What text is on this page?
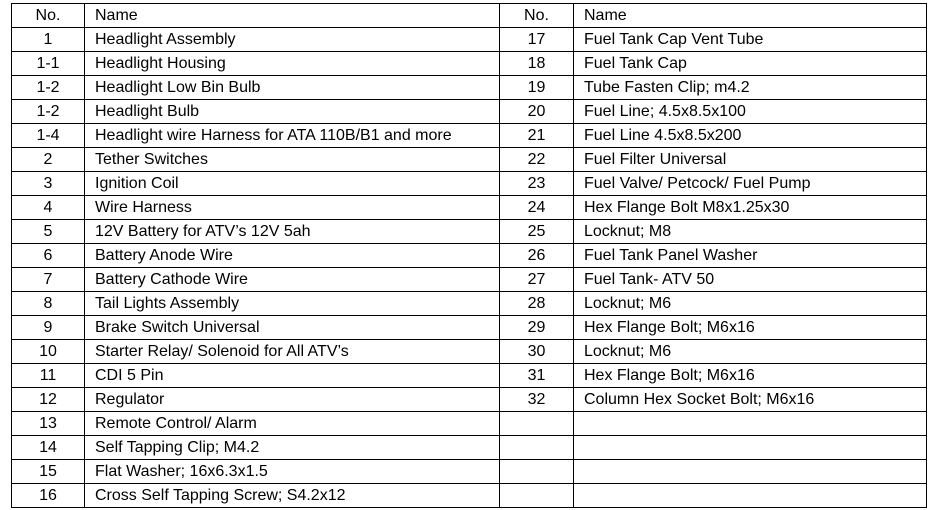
No.	Name	No.	Name
1	Headlight Assembly	17	Fuel Tank Cap Vent Tube
1-1	Headlight Housing	18	Fuel Tank Cap
1-2	Headlight Low Bin Bulb	19	Tube Fasten Clip; m4.2
1-2	Headlight Bulb	20	Fuel Line; 4.5x8.5x100
1-4	Headlight wire Harness for ATA 110B/B1 and more	21	Fuel Line 4.5x8.5x200
2	Tether Switches	22	Fuel Filter Universal
3	Ignition Coil	23	Fuel Valve/ Petcock/ Fuel Pump
4	Wire Harness	24	Hex Flange Bolt M8x1.25x30
5	12V Battery for ATV’s 12V 5ah	25	Locknut; M8
6	Battery Anode Wire	26	Fuel Tank Panel Washer
7	Battery Cathode Wire	27	Fuel Tank- ATV 50
8	Tail Lights Assembly	28	Locknut; M6
9	Brake Switch Universal	29	Hex Flange Bolt; M6x16
10	Starter Relay/ Solenoid for All ATV’s	30	Locknut; M6
11	CDI 5 Pin	31	Hex Flange Bolt; M6x16
12	Regulator	32	Column Hex Socket Bolt; M6x16
13	Remote Control/ Alarm		
14	Self Tapping Clip; M4.2		
15	Flat Washer; 16x6.3x1.5		
16	Cross Self Tapping Screw; S4.2x12		
